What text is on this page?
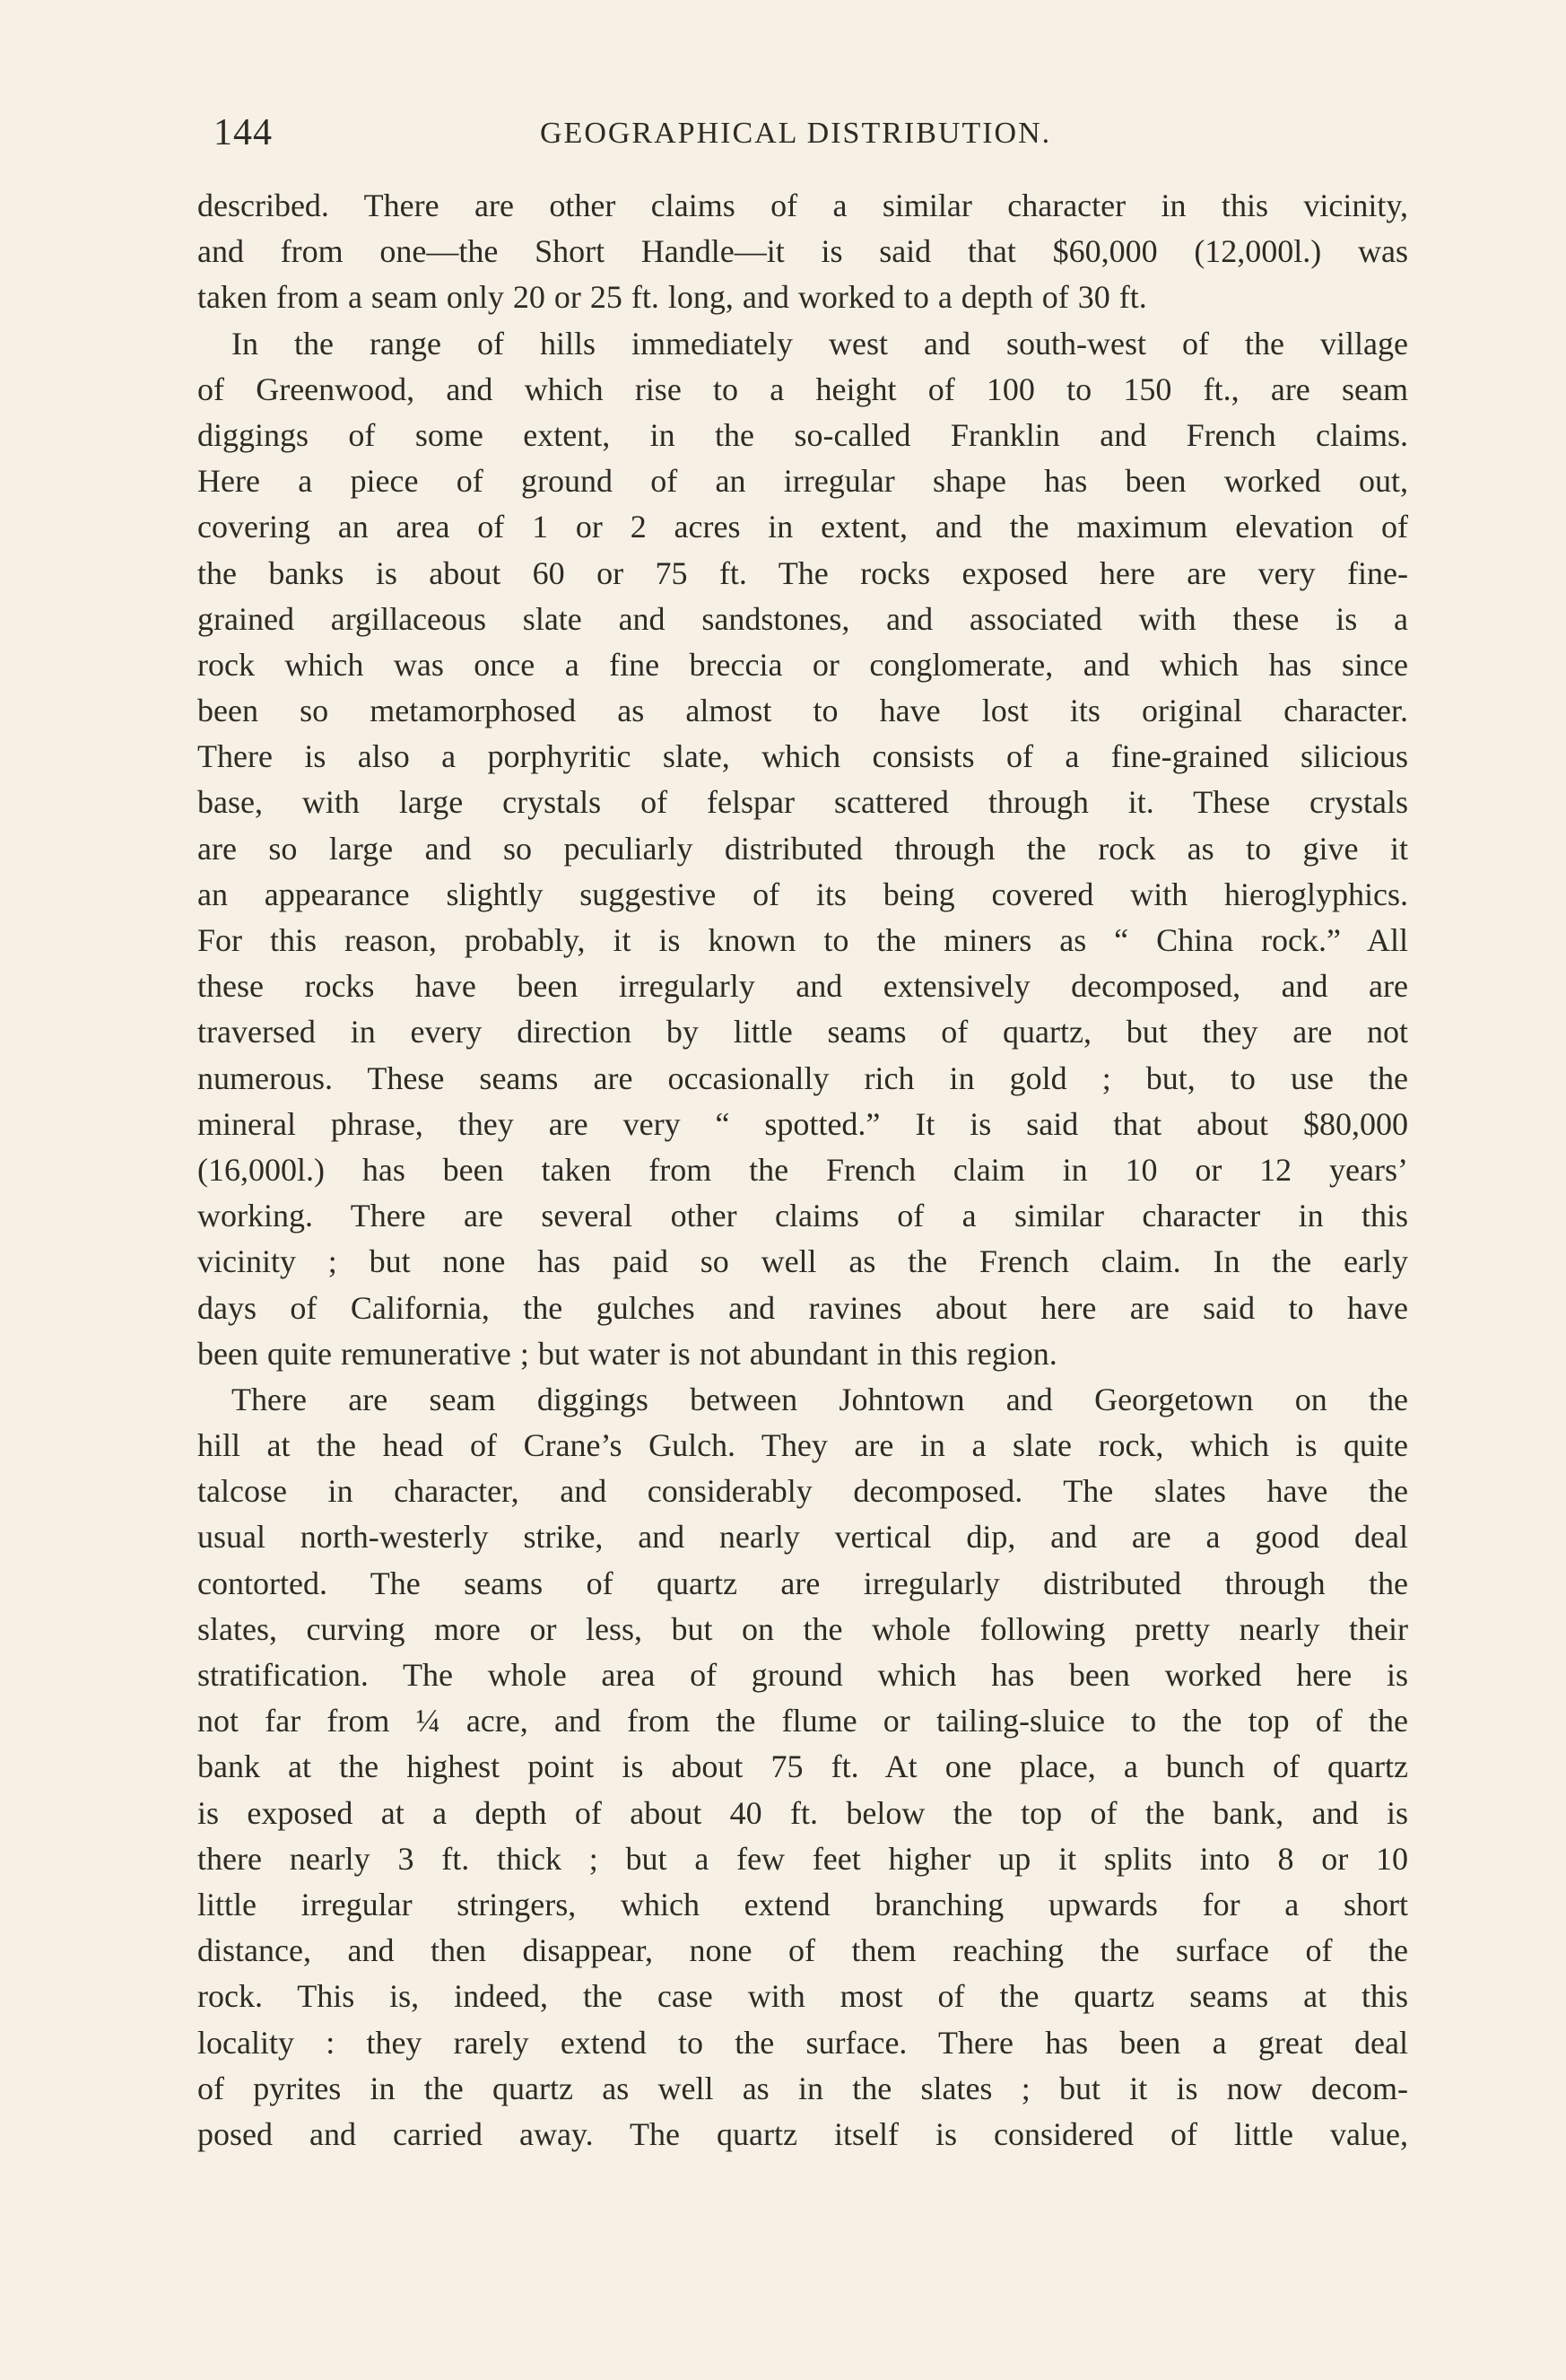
144	GEOGRAPHICAL DISTRIBUTION.
described. There are other claims of a similar character in this vicinity,
and from one—the Short Handle—it is said that $60,000 (12,000l.) was
taken from a seam only 20 or 25 ft. long, and worked to a depth of 30 ft.
In the range of hills immediately west and south-west of the village
of Greenwood, and which rise to a height of 100 to 150 ft., are seam
diggings of some extent, in the so-called Franklin and French claims.
Here a piece of ground of an irregular shape has been worked out,
covering an area of 1 or 2 acres in extent, and the maximum elevation of
the banks is about 60 or 75 ft. The rocks exposed here are very fine-
grained argillaceous slate and sandstones, and associated with these is a
rock which was once a fine breccia or conglomerate, and which has since
been so metamorphosed as almost to have lost its original character.
There is also a porphyritic slate, which consists of a fine-grained silicious
base, with large crystals of felspar scattered through it. These crystals
are so large and so peculiarly distributed through the rock as to give it
an appearance slightly suggestive of its being covered with hieroglyphics.
For this reason, probably, it is known to the miners as “ China rock.” All
these rocks have been irregularly and extensively decomposed, and are
traversed in every direction by little seams of quartz, but they are not
numerous. These seams are occasionally rich in gold ; but, to use the
mineral phrase, they are very “ spotted.” It is said that about $80,000
(16,000l.) has been taken from the French claim in 10 or 12 years’
working. There are several other claims of a similar character in this
vicinity ; but none has paid so well as the French claim. In the early
days of California, the gulches and ravines about here are said to have
been quite remunerative ; but water is not abundant in this region.
There are seam diggings between Johntown and Georgetown on the
hill at the head of Crane’s Gulch. They are in a slate rock, which is quite
talcose in character, and considerably decomposed. The slates have the
usual north-westerly strike, and nearly vertical dip, and are a good deal
contorted. The seams of quartz are irregularly distributed through the
slates, curving more or less, but on the whole following pretty nearly their
stratification. The whole area of ground which has been worked here is
not far from ¼ acre, and from the flume or tailing-sluice to the top of the
bank at the highest point is about 75 ft. At one place, a bunch of quartz
is exposed at a depth of about 40 ft. below the top of the bank, and is
there nearly 3 ft. thick ; but a few feet higher up it splits into 8 or 10
little irregular stringers, which extend branching upwards for a short
distance, and then disappear, none of them reaching the surface of the
rock. This is, indeed, the case with most of the quartz seams at this
locality : they rarely extend to the surface. There has been a great deal
of pyrites in the quartz as well as in the slates ; but it is now decom-
posed and carried away. The quartz itself is considered of little value,
